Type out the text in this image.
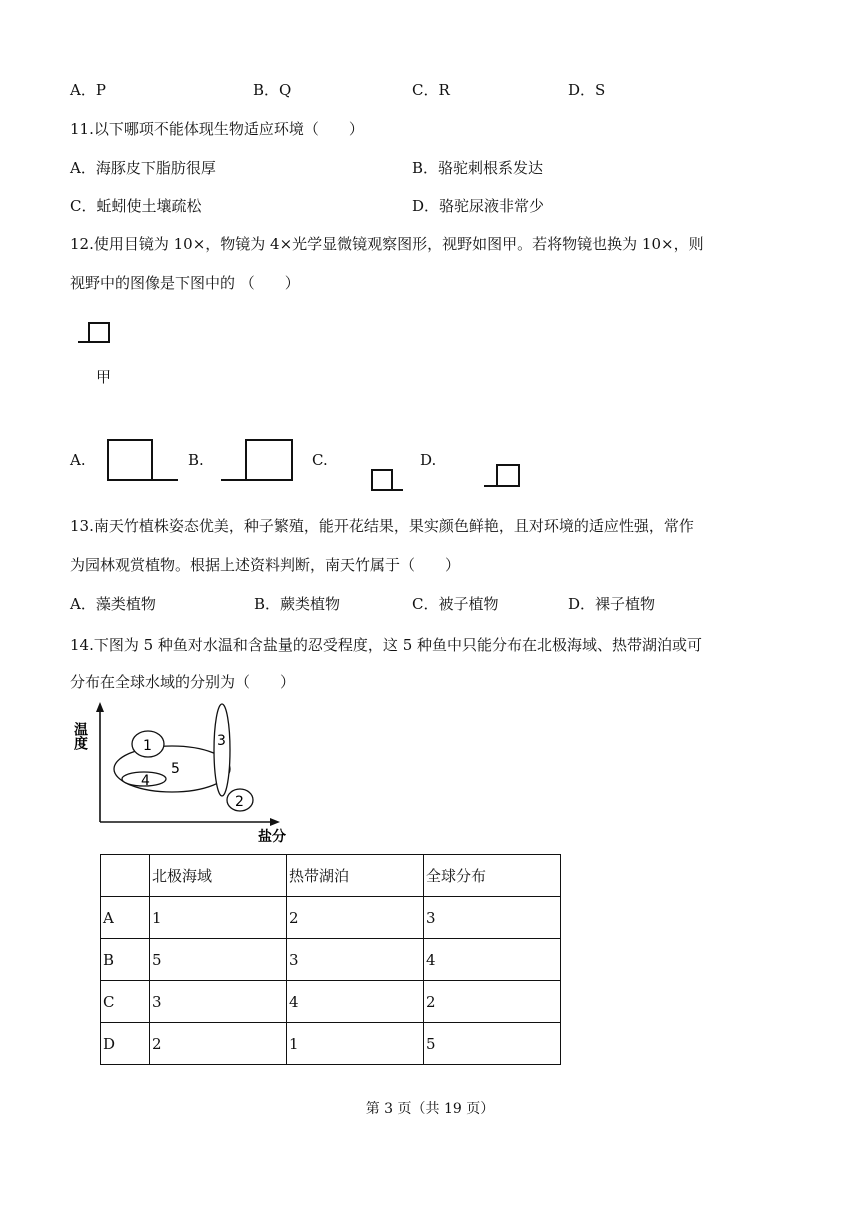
A．P	B．Q	C．R	D．S
11.以下哪项不能体现生物适应环境（　　）
A．海豚皮下脂肪很厚	B．骆驼刺根系发达
C．蚯蚓使土壤疏松	D．骆驼尿液非常少
12.使用目镜为 10×，物镜为 4×光学显微镜观察图形，视野如图甲。若将物镜也换为 10×，则
视野中的图像是下图中的 （　　）
甲
A.	B.	C.	D.
13.南天竹植株姿态优美，种子繁殖，能开花结果，果实颜色鲜艳，且对环境的适应性强，常作
为园林观赏植物。根据上述资料判断，南天竹属于（　　）
A．藻类植物	B．蕨类植物	C．被子植物	D．裸子植物
14.下图为 5 种鱼对水温和含盐量的忍受程度，这 5 种鱼中只能分布在北极海域、热带湖泊或可
分布在全球水域的分别为（　　）
温度	1	3
5
4
2
盐分
	北极海域	热带湖泊	全球分布
A	1	2	3
B	5	3	4
C	3	4	2
D	2	1	5
第 3 页（共 19 页）
